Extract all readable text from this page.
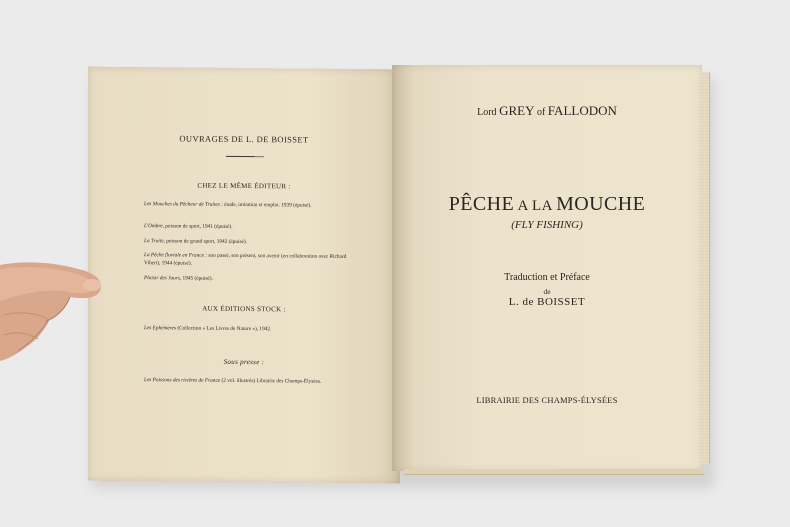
OUVRAGES DE L. DE BOISSET
CHEZ LE MÊME ÉDITEUR :
Les Mouches du Pêcheur de Truites : étude, imitation et emploi. 1939 (épuisé).
L'Ombre, poisson de sport, 1941 (épuisé).
La Truite, poisson de grand sport, 1942 (épuisé).
La Pêche fluviale en France : son passé, son présent, son avenir (en collaboration avec Richard Vibert), 1944 (épuisé).
Plaisir des Jours, 1945 (épuisé).
AUX ÉDITIONS STOCK :
Les Ephémères (Collection « Les Livres de Nature »), 1942.
Sous presse :
Les Poissons des rivières de France (2 vol. illustrés) Librairie des Champs-Élysées.
Lord GREY of FALLODON
PÊCHE A LA MOUCHE
(FLY FISHING)
Traduction et Préface
de
L. de BOISSET
LIBRAIRIE DES CHAMPS-ÉLYSÉES
